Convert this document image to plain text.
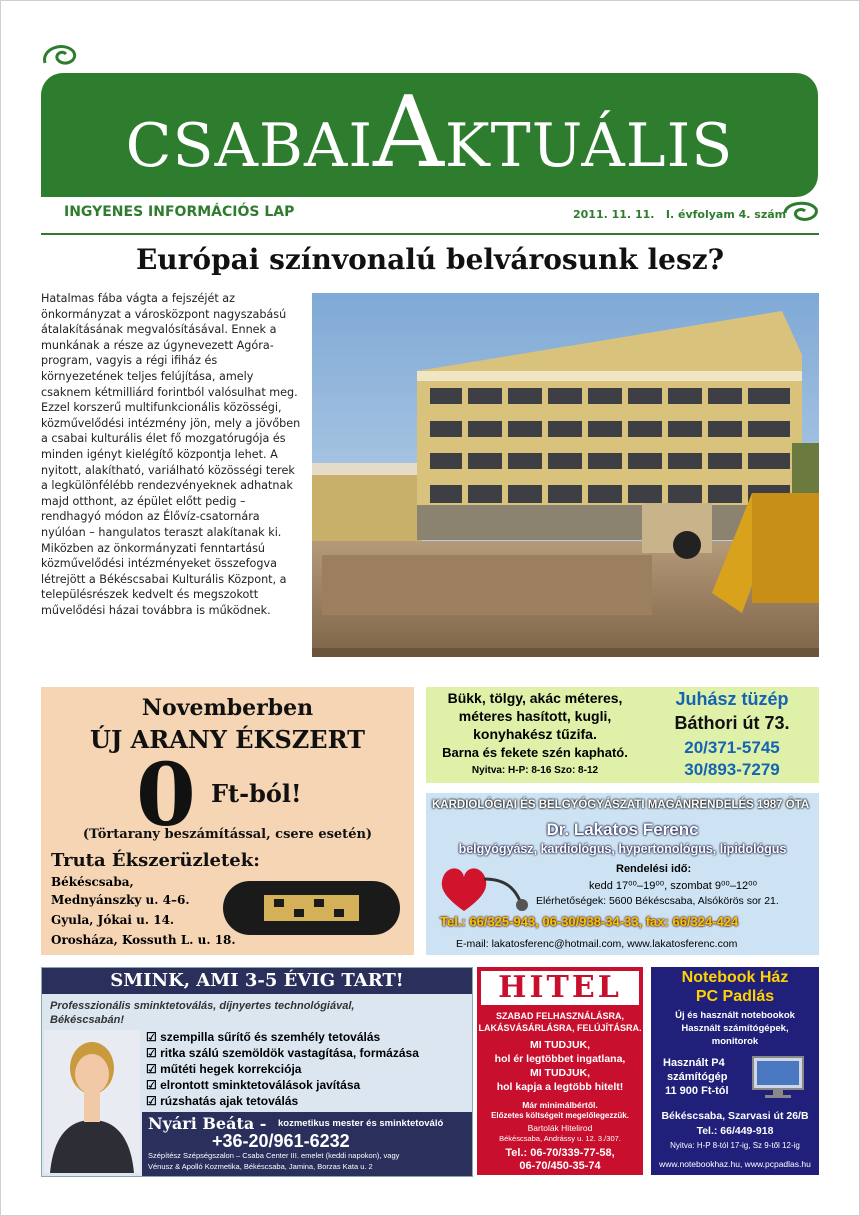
CSABAIAKTUÁLIS
INGYENES INFORMÁCIÓS LAP	2011. 11. 11.   I. évfolyam 4. szám
Európai színvonalú belvárosunk lesz?

Hatalmas fába vágta a fejszéjét az önkormányzat a városközpont nagyszabású átalakításának megvalósításával. Ennek a munkának a része az úgynevezett Agóra-program, vagyis a régi ifiház és környezetének teljes felújítása, amely csaknem kétmilliárd forintból valósulhat meg. Ezzel korszerű multifunkcionális közösségi, közművelődési intézmény jön, mely a jövőben a csabai kulturális élet fő mozgatórugója és minden igényt kielégítő központja lehet. A nyitott, alakítható, variálható közösségi terek a legkülönfélébb rendezvényeknek adhatnak majd otthont, az épület előtt pedig – rendhagyó módon az Élővíz-csatornára nyúlóan – hangulatos teraszt alakítanak ki.

Miközben az önkormányzati fenntartású közművelődési intézményeket összefogva létrejött a Békéscsabai Kulturális Központ, a településrészek kedvelt és megszokott művelődési házai továbbra is működnek.

Novemberben
ÚJ ARANY ÉKSZERT
0 Ft-ból!
(Törtarany beszámítással, csere esetén)
Truta Ékszerüzletek:
Békéscsaba,
Mednyánszky u. 4–6.
Gyula, Jókai u. 14.
Orosháza, Kossuth L. u. 18.
Bükk, tölgy, akác méteres,
méteres hasított, kugli,
konyhakész tűzifa.
Barna és fekete szén kapható.
Nyitva: H-P: 8-16 Szo: 8-12
Juhász tüzép
Báthori út 73.
20/371-5745
30/893-7279
KARDIOLÓGIAI ÉS BELGYÓGYÁSZATI MAGÁNRENDELÉS 1987 ÓTA
Dr. Lakatos Ferenc
belgyógyász, kardiológus, hypertonológus, lipidológus
Rendelési idő:
kedd 17⁰⁰–19⁰⁰, szombat 9⁰⁰–12⁰⁰
Elérhetőségek: 5600 Békéscsaba, Alsókörös sor 21.
Tel.: 66/325-943, 06-30/938-34-33, fax: 66/324-424
E-mail: lakatosferenc@hotmail.com, www.lakatosferenc.com
SMINK, AMI 3-5 ÉVIG TART!
Professzionális sminktetoválás, díjnyertes technológiával,
Békéscsabán!
☑ szempilla sűrítő és szemhély tetoválás
☑ ritka szálú szemöldök vastagítása, formázása
☑ műtéti hegek korrekciója
☑ elrontott sminktetoválások javítása
☑ rúzshatás ajak tetoválás
Nyári Beáta - kozmetikus mester és sminktetováló
+36-20/961-6232
Szépítész Szépségszalon – Csaba Center III. emelet (keddi napokon), vagy
Vénusz & Apolló Kozmetika, Békéscsaba, Jamina, Borzas Kata u. 2
HITEL
SZABAD FELHASZNÁLÁSRA,
LAKÁSVÁSÁRLÁSRA, FELÚJÍTÁSRA.
MI TUDJUK,
hol ér legtöbbet ingatlana,
MI TUDJUK,
hol kapja a legtöbb hitelt!
Már minimálbértől.
Előzetes költségeit megelőlegezzük.
Bartolák Hitelirod
Békéscsaba, Andrássy u. 12. 3./307.
Tel.: 06-70/339-77-58,
06-70/450-35-74
Notebook Ház
PC Padlás
Új és használt notebookok
Használt számítógépek,
monitorok
Használt P4
számítógép
11 900 Ft-tól
Békéscsaba, Szarvasi út 26/B
Tel.: 66/449-918
Nyitva: H-P 8-tól 17-ig, Sz 9-től 12-ig
www.notebookhaz.hu, www.pcpadlas.hu
